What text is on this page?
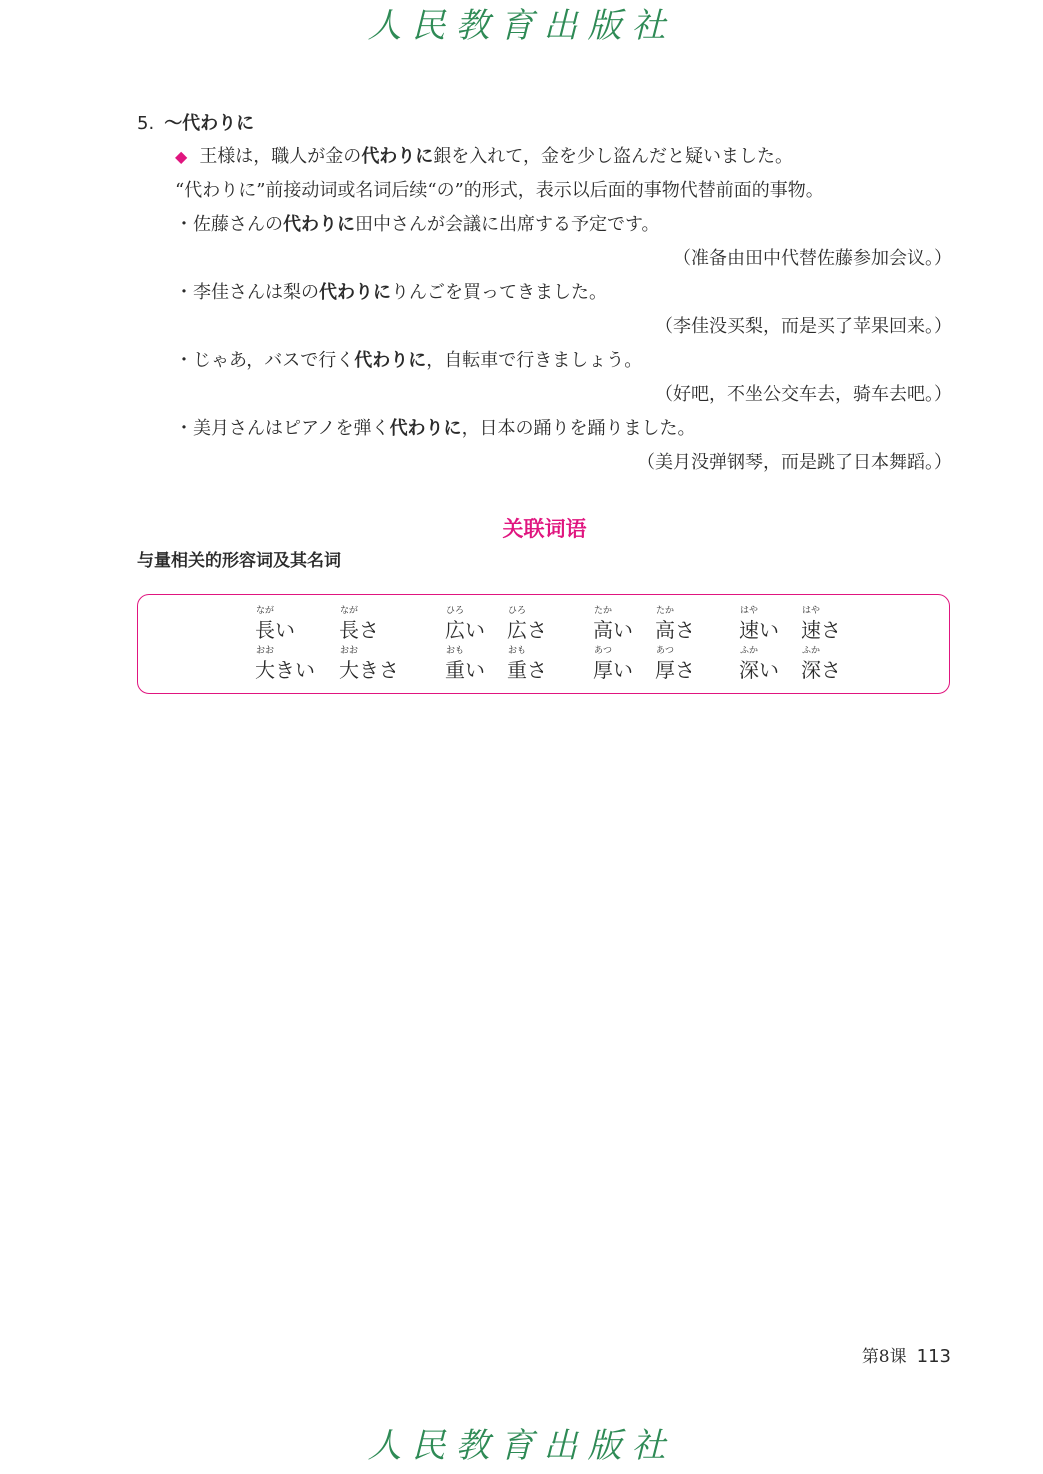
人民教育出版社
5. ～代わりに
◆ 王様は，職人が金の代わりに銀を入れて，金を少し盗んだと疑いました。
“代わりに”前接动词或名词后续“の”的形式，表示以后面的事物代替前面的事物。
・佐藤さんの代わりに田中さんが会議に出席する予定です。
（准备由田中代替佐藤参加会议。）
・李佳さんは梨の代わりにりんごを買ってきました。
（李佳没买梨，而是买了苹果回来。）
・じゃあ，バスで行く代わりに，自転車で行きましょう。
（好吧，不坐公交车去，骑车去吧。）
・美月さんはピアノを弾く代わりに，日本の踊りを踊りました。
（美月没弹钢琴，而是跳了日本舞蹈。）
关联词语
与量相关的形容词及其名词
なが
長い
なが
長さ
ひろ
広い
ひろ
広さ
たか
高い
たか
高さ
はや
速い
はや
速さ
おお
大きい
おお
大きさ
おも
重い
おも
重さ
あつ
厚い
あつ
厚さ
ふか
深い
ふか
深さ
第8课 113
人民教育出版社
